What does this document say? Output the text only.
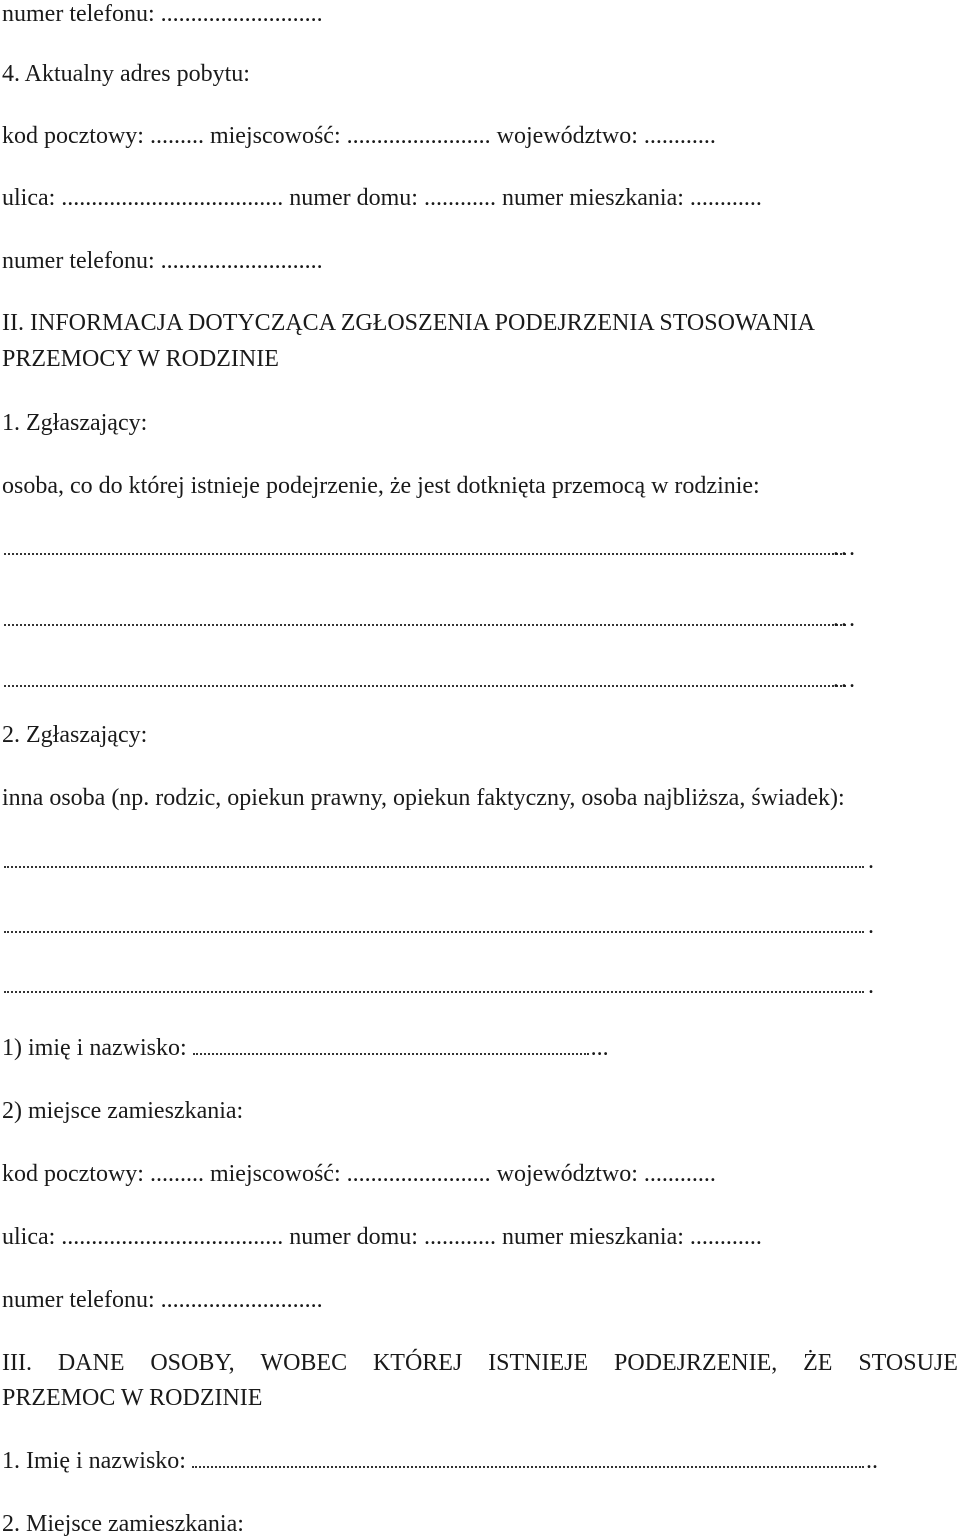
numer telefonu: ...........................
4. Aktualny adres pobytu:
kod pocztowy: ......... miejscowość: ........................ województwo: ............
ulica: ..................................... numer domu: ............ numer mieszkania: ............
numer telefonu: ...........................
II. INFORMACJA DOTYCZĄCA ZGŁOSZENIA PODEJRZENIA STOSOWANIA
PRZEMOCY W RODZINIE
1. Zgłaszający:
osoba, co do której istnieje podejrzenie, że jest dotknięta przemocą w rodzinie:
…
…
…
2. Zgłaszający:
inna osoba (np. rodzic, opiekun prawny, opiekun faktyczny, osoba najbliższa, świadek):
.
.
.
1) imię i nazwisko:	...
2) miejsce zamieszkania:
kod pocztowy: ......... miejscowość: ........................ województwo: ............
ulica: ..................................... numer domu: ............ numer mieszkania: ............
numer telefonu: ...........................
III. DANE OSOBY, WOBEC KTÓREJ ISTNIEJE PODEJRZENIE, ŻE STOSUJE
PRZEMOC W RODZINIE
1. Imię i nazwisko:	..
2. Miejsce zamieszkania:
